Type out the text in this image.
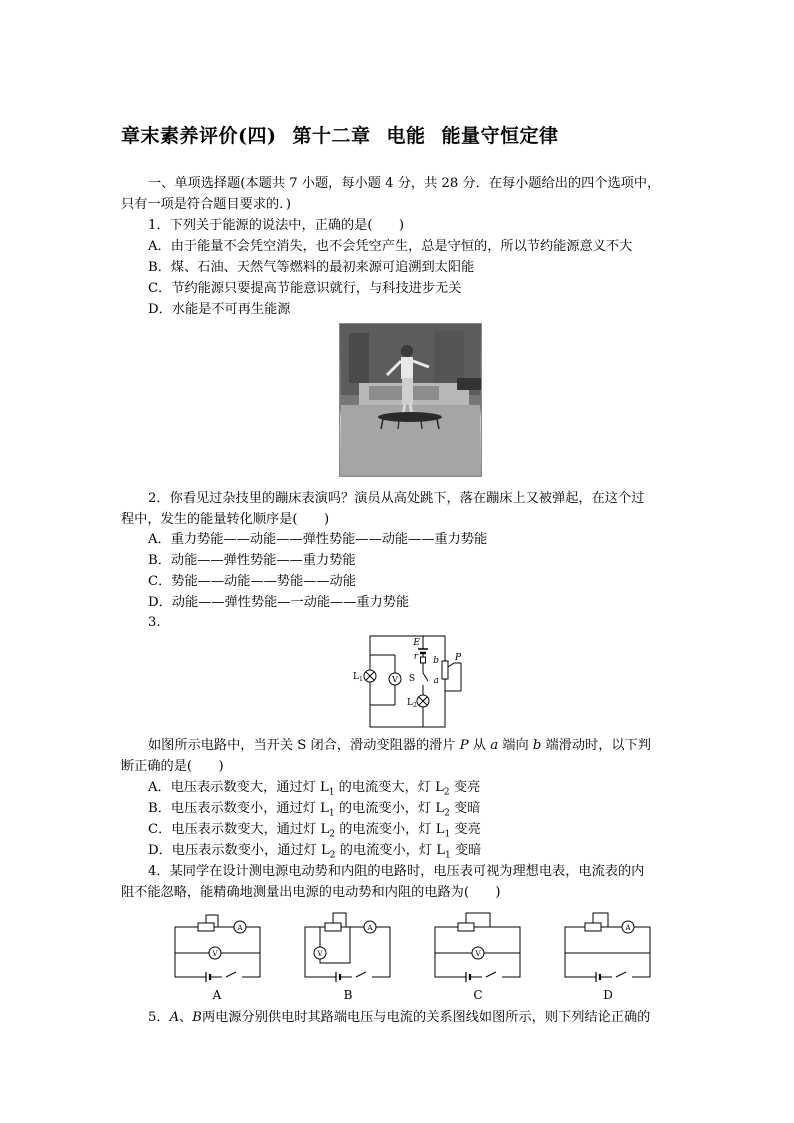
章末素养评价(四) 第十二章 电能 能量守恒定律
一、单项选择题(本题共 7 小题，每小题 4 分，共 28 分．在每小题给出的四个选项中，
只有一项是符合题目要求的．)
1．下列关于能源的说法中，正确的是(　　)
A．由于能量不会凭空消失，也不会凭空产生，总是守恒的，所以节约能源意义不大
B．煤、石油、天然气等燃料的最初来源可追溯到太阳能
C．节约能源只要提高节能意识就行，与科技进步无关
D．水能是不可再生能源
2．你看见过杂技里的蹦床表演吗？演员从高处跳下，落在蹦床上又被弹起，在这个过
程中，发生的能量转化顺序是(　　)
A．重力势能——动能——弹性势能——动能——重力势能
B．动能——弹性势能——重力势能
C．势能——动能——势能——动能
D．动能——弹性势能—一动能——重力势能
3.
E
r
V S
L 1
L 2
b
a
P
如图所示电路中，当开关 S 闭合，滑动变阻器的滑片 P 从 a 端向 b 端滑动时，以下判
断正确的是(　　)
A．电压表示数变大，通过灯 $L_1$ 的电流变大，灯 $L_2$ 变亮
B．电压表示数变小，通过灯 $L_1$ 的电流变小，灯 $L_2$ 变暗
C．电压表示数变大，通过灯 $L_2$ 的电流变小，灯 $L_1$ 变亮
D．电压表示数变小，通过灯 $L_2$ 的电流变小，灯 $L_1$ 变暗
4．某同学在设计测电源电动势和内阻的电路时，电压表可视为理想电表，电流表的内
阻不能忽略，能精确地测量出电源的电动势和内阻的电路为(　　)
A
V
A
V	V
A
A	B	C	D
5．A、B两电源分别供电时其路端电压与电流的关系图线如图所示，则下列结论正确的
